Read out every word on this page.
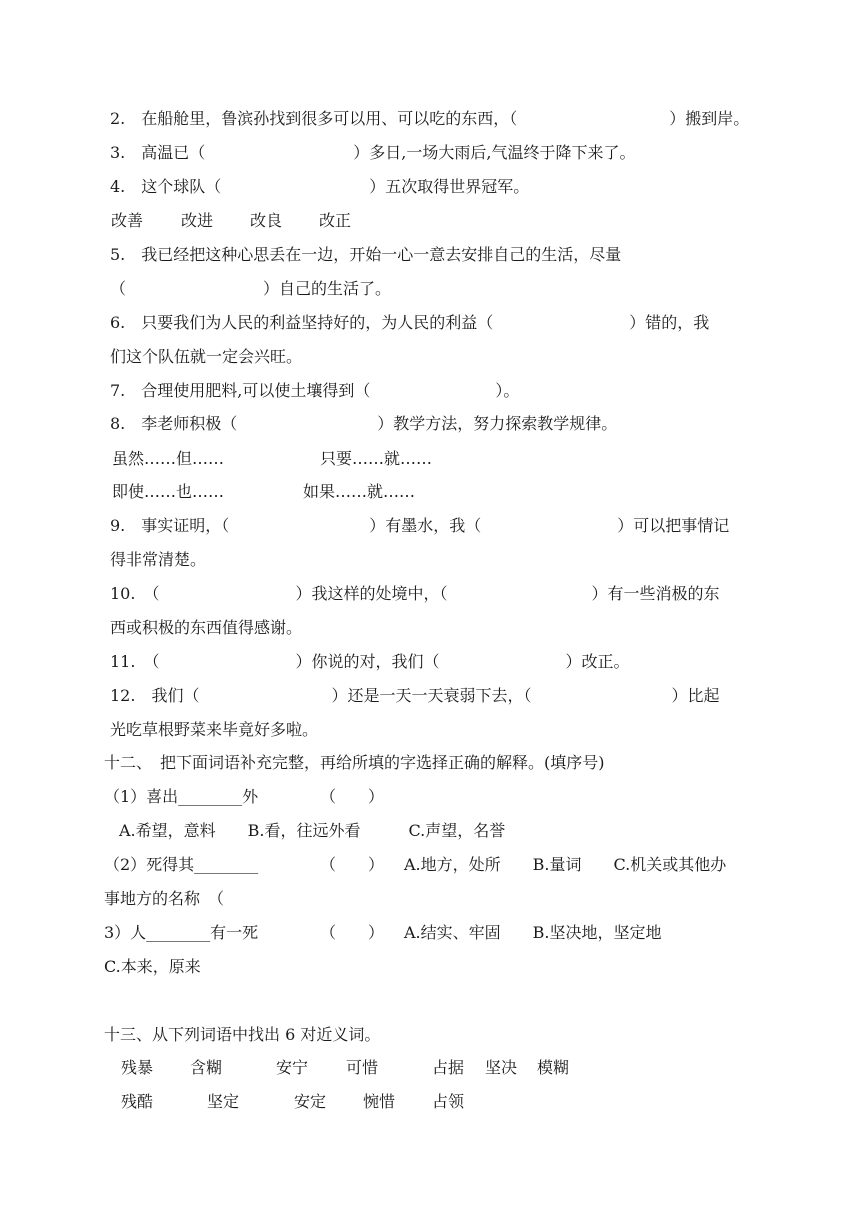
2.　在船舱里，鲁滨孙找到很多可以用、可以吃的东西，（	）搬到岸。
3.　高温已（	）多日,一场大雨后,气温终于降下来了。
4.　这个球队（	）五次取得世界冠军。
改善 改进 改良 改正
5.　我已经把这种心思丢在一边，开始一心一意去安排自己的生活，尽量
（	）自己的生活了。
6.　只要我们为人民的利益坚持好的，为人民的利益（	）错的，我
们这个队伍就一定会兴旺。
7.　合理使用肥料,可以使土壤得到（	）。
8.　李老师积极（	）教学方法，努力探索教学规律。
虽然……但……	只要……就……
即使……也……	如果……就……
9.　事实证明，（	）有墨水，我（	）可以把事情记
得非常清楚。
10.　（	）我这样的处境中，（	）有一些消极的东
西或积极的东西值得感谢。
11.　（	）你说的对，我们（	）改正。
12.　我们（	）还是一天一天衰弱下去，（	）比起
光吃草根野菜来毕竟好多啦。
十二、　把下面词语补充完整，再给所填的字选择正确的解释。(填序号)
（1）喜出________外	（　　）
A.希望，意料　　B.看，往远外看　　　C.声望，名誉
（2）死得其________	（　　） A.地方，处所　　B.量词　　C.机关或其他办
事地方的名称　（
3）人________有一死	（　　） A.结实、牢固　　B.坚决地，坚定地
C.本来，原来
十三、从下列词语中找出 6 对近义词。
残暴 含糊	安宁 可惜	占据 坚决 模糊
残酷	坚定	安定 惋惜 占领
